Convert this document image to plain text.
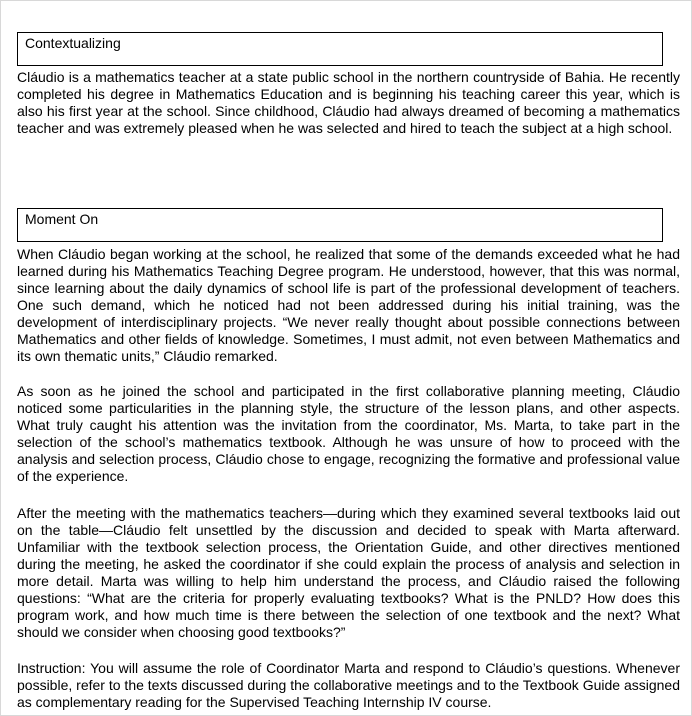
Contextualizing

Cláudio is a mathematics teacher at a state public school in the northern countryside of Bahia. He recently completed his degree in Mathematics Education and is beginning his teaching career this year, which is also his first year at the school. Since childhood, Cláudio had always dreamed of becoming a mathematics teacher and was extremely pleased when he was selected and hired to teach the subject at a high school.

Moment On

When Cláudio began working at the school, he realized that some of the demands exceeded what he had learned during his Mathematics Teaching Degree program. He understood, however, that this was normal, since learning about the daily dynamics of school life is part of the professional development of teachers. One such demand, which he noticed had not been addressed during his initial training, was the development of interdisciplinary projects. “We never really thought about possible connections between Mathematics and other fields of knowledge. Sometimes, I must admit, not even between Mathematics and its own thematic units,” Cláudio remarked.

As soon as he joined the school and participated in the first collaborative planning meeting, Cláudio noticed some particularities in the planning style, the structure of the lesson plans, and other aspects. What truly caught his attention was the invitation from the coordinator, Ms. Marta, to take part in the selection of the school’s mathematics textbook. Although he was unsure of how to proceed with the analysis and selection process, Cláudio chose to engage, recognizing the formative and professional value of the experience.

After the meeting with the mathematics teachers—during which they examined several textbooks laid out on the table—Cláudio felt unsettled by the discussion and decided to speak with Marta afterward. Unfamiliar with the textbook selection process, the Orientation Guide, and other directives mentioned during the meeting, he asked the coordinator if she could explain the process of analysis and selection in more detail. Marta was willing to help him understand the process, and Cláudio raised the following questions: “What are the criteria for properly evaluating textbooks? What is the PNLD? How does this program work, and how much time is there between the selection of one textbook and the next? What should we consider when choosing good textbooks?”

Instruction: You will assume the role of Coordinator Marta and respond to Cláudio’s questions. Whenever possible, refer to the texts discussed during the collaborative meetings and to the Textbook Guide assigned as complementary reading for the Supervised Teaching Internship IV course.
